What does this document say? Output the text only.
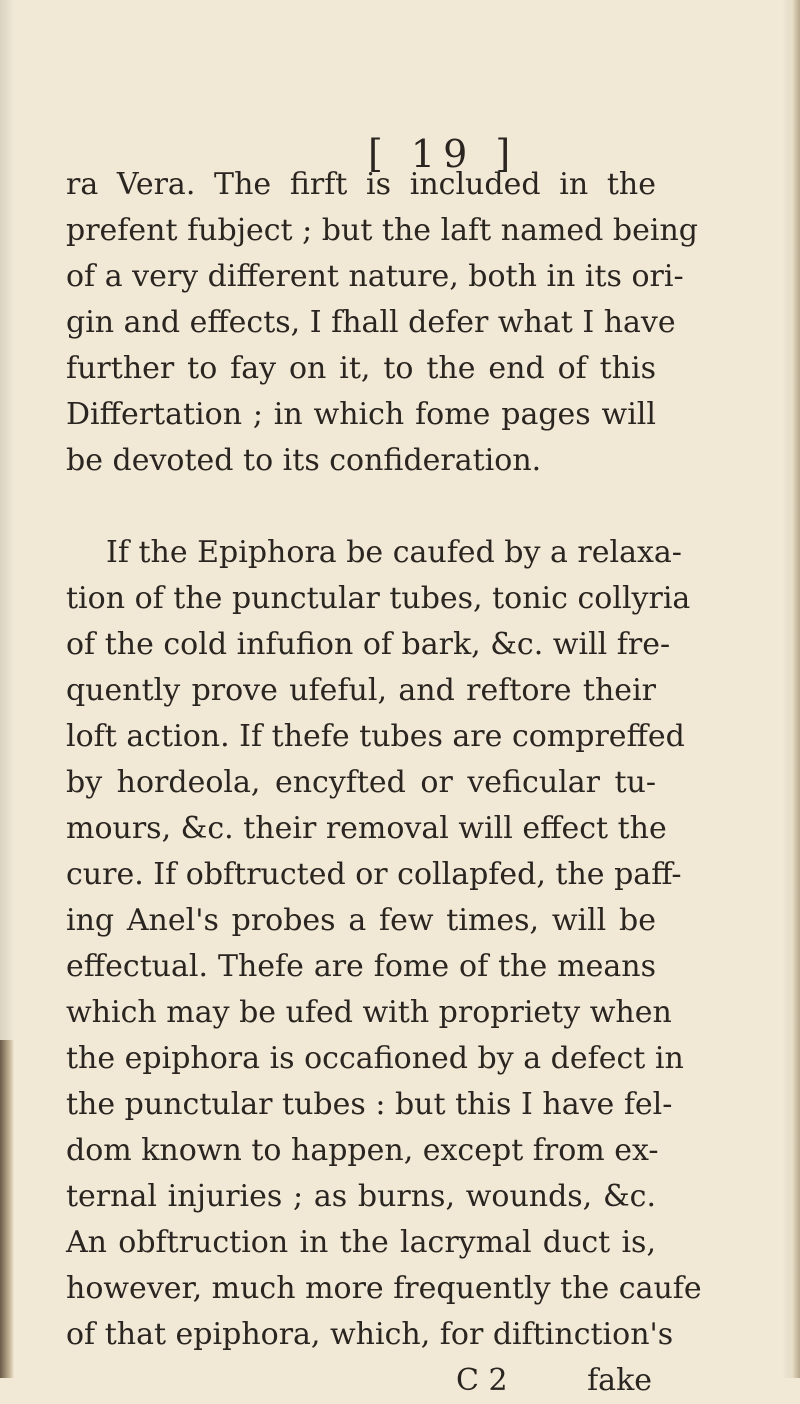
[ 19 ]
ra Vera. The firft is included in the
prefent fubject ; but the laft named being
of a very different nature, both in its ori-
gin and effects, I fhall defer what I have
further to fay on it, to the end of this
Differtation ; in which fome pages will
be devoted to its confideration.
If the Epiphora be caufed by a relaxa-
tion of the punctular tubes, tonic collyria
of the cold infufion of bark, &c. will fre-
quently prove ufeful, and reftore their
loft action. If thefe tubes are compreffed
by hordeola, encyfted or veficular tu-
mours, &c. their removal will effect the
cure. If obftructed or collapfed, the paff-
ing Anel's probes a few times, will be
effectual. Thefe are fome of the means
which may be ufed with propriety when
the epiphora is occafioned by a defect in
the punctular tubes : but this I have fel-
dom known to happen, except from ex-
ternal injuries ; as burns, wounds, &c.
An obftruction in the lacrymal duct is,
however, much more frequently the caufe
of that epiphora, which, for diftinction's
C 2	fake
